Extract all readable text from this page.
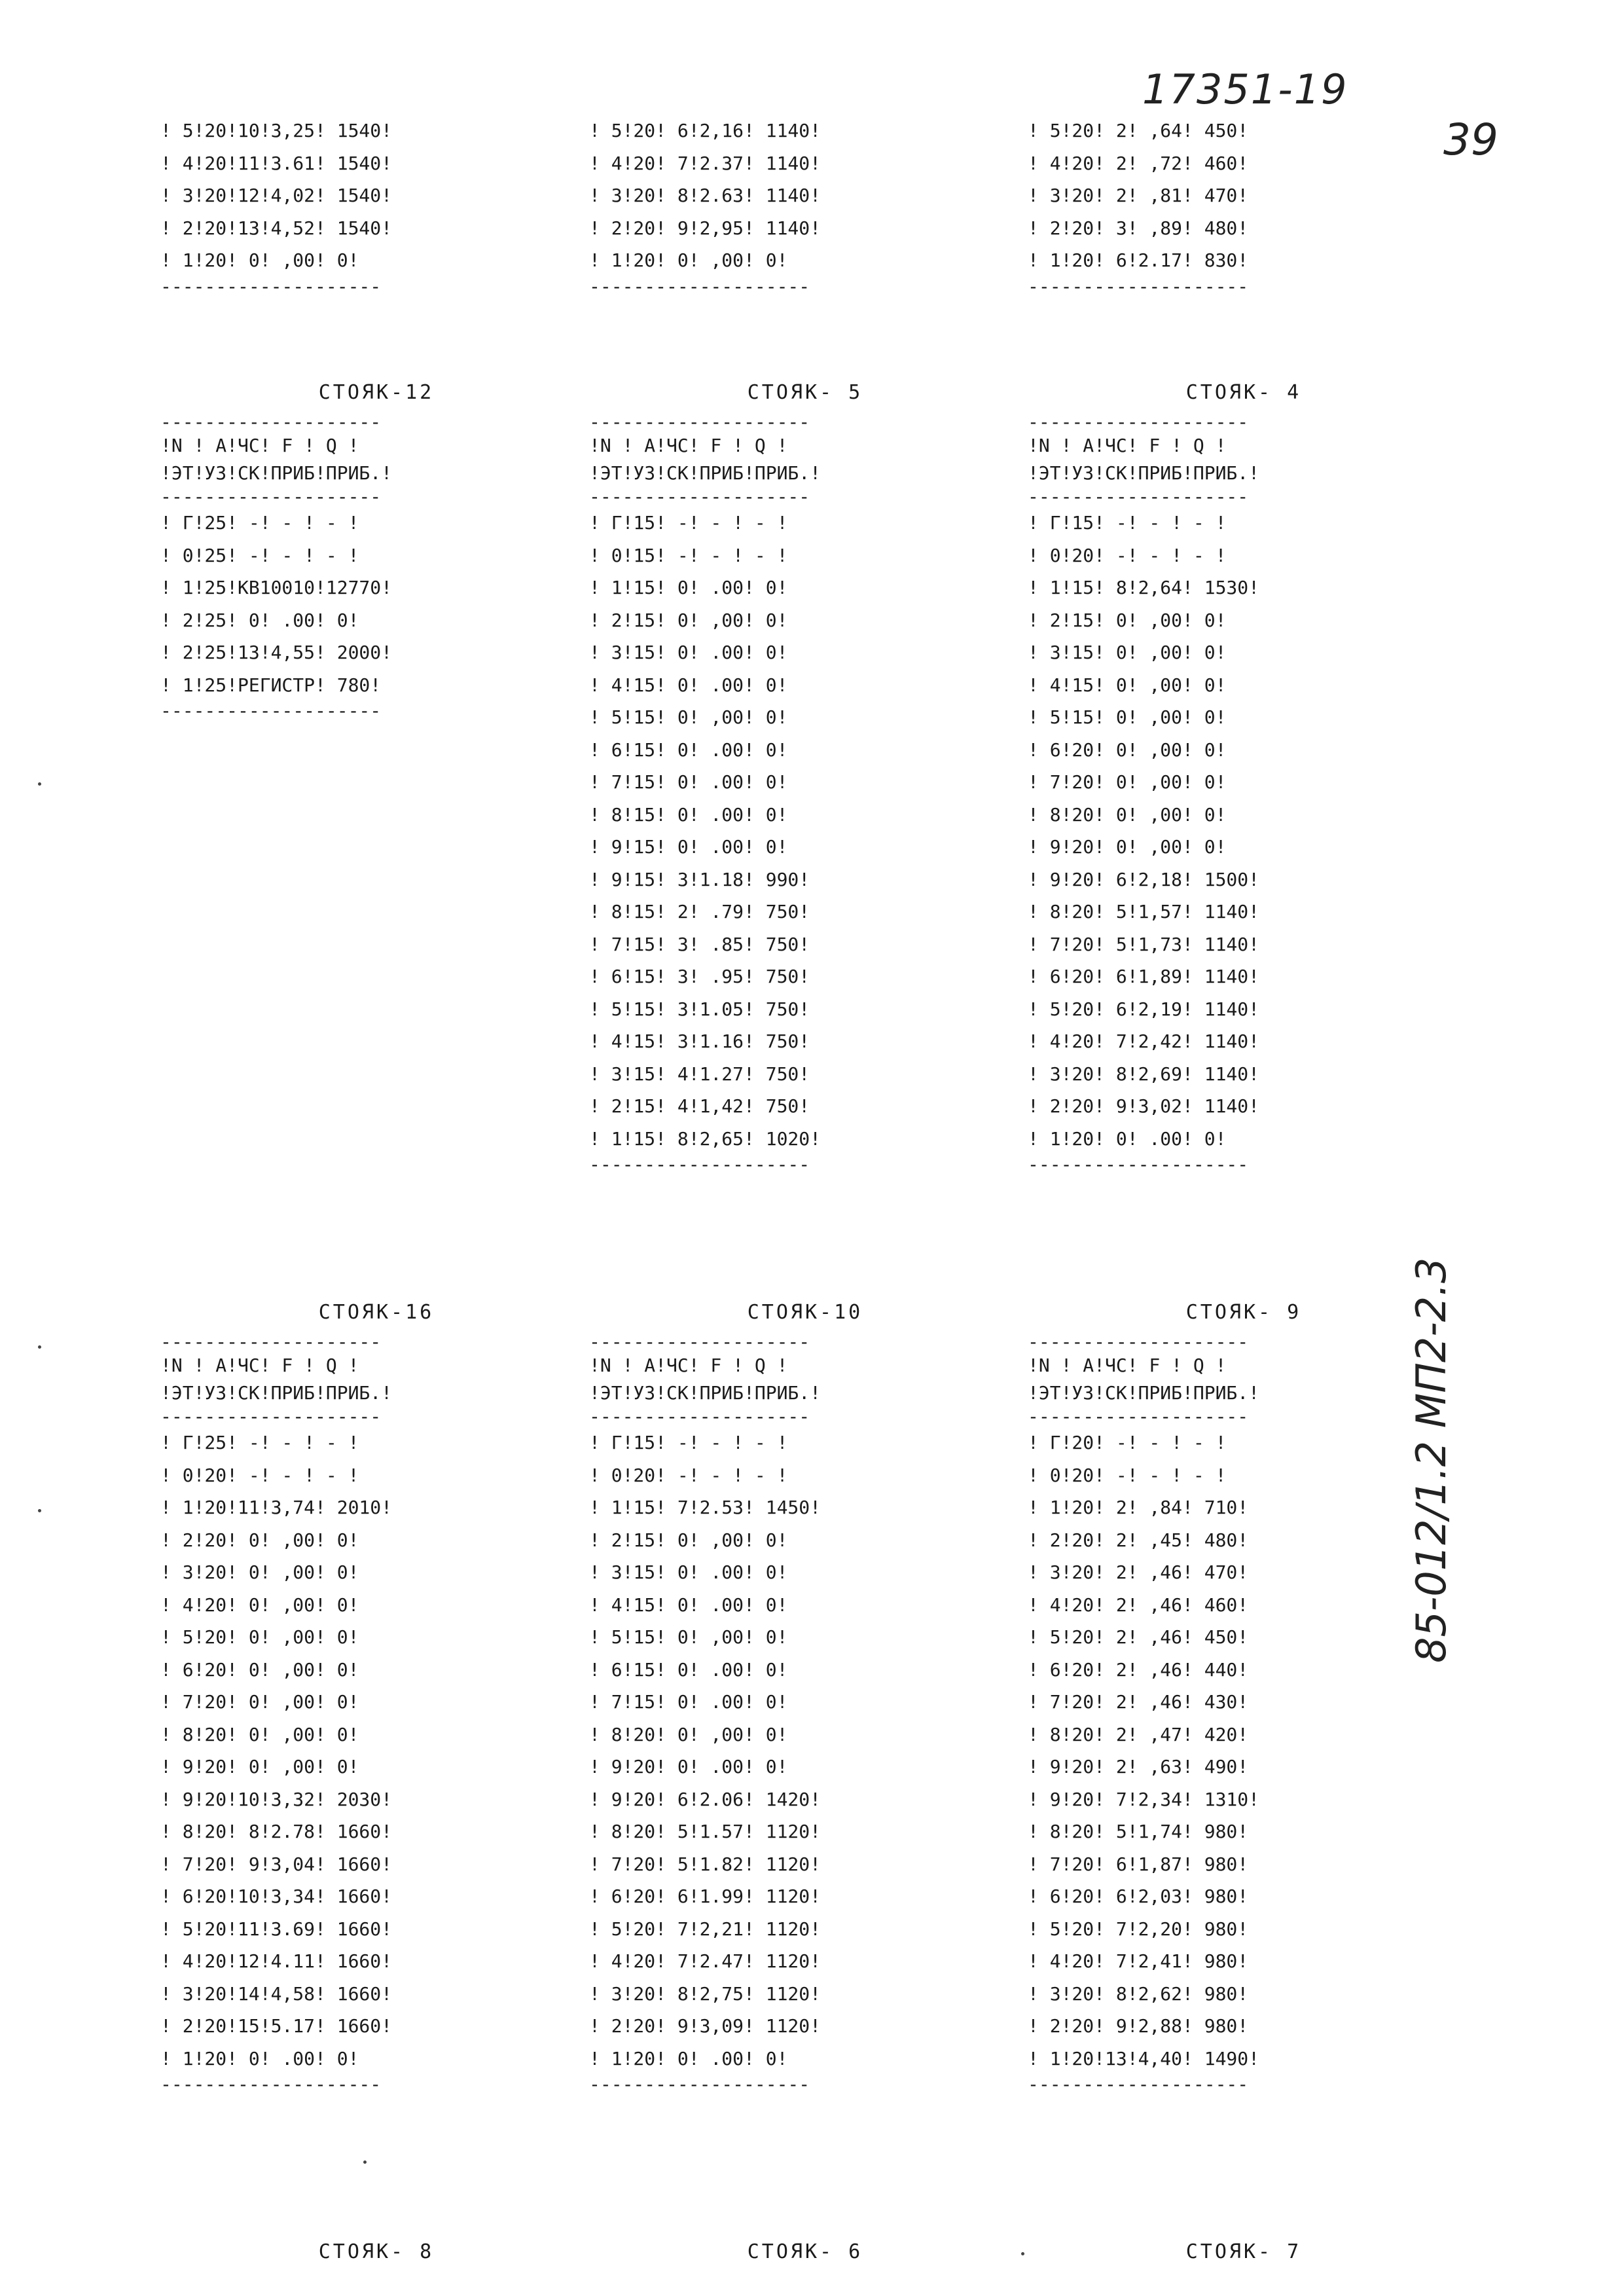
17351-19
39
85-012/1.2 МП2-2.3
! 5!20!10!3,25! 1540!
! 4!20!11!3.61! 1540!
! 3!20!12!4,02! 1540!
! 2!20!13!4,52! 1540!
! 1!20! 0! ,00! 0!
--------------------
! 5!20! 6!2,16! 1140!
! 4!20! 7!2.37! 1140!
! 3!20! 8!2.63! 1140!
! 2!20! 9!2,95! 1140!
! 1!20! 0! ,00! 0!
--------------------
! 5!20! 2! ,64! 450!
! 4!20! 2! ,72! 460!
! 3!20! 2! ,81! 470!
! 2!20! 3! ,89! 480!
! 1!20! 6!2.17! 830!
--------------------
СТОЯК-12
--------------------
!N ! А!ЧС! F ! Q !
!ЭТ!УЗ!СК!ПРИБ!ПРИБ.!
--------------------
! Г!25! -! - ! - !
! 0!25! -! - ! - !
! 1!25!КВ10010!12770!
! 2!25! 0! .00! 0!
! 2!25!13!4,55! 2000!
! 1!25!РЕГИСТР! 780!
--------------------
СТОЯК- 5
--------------------
!N ! А!ЧС! F ! Q !
!ЭТ!УЗ!СК!ПРИБ!ПРИБ.!
--------------------
! Г!15! -! - ! - !
! 0!15! -! - ! - !
! 1!15! 0! .00! 0!
! 2!15! 0! ,00! 0!
! 3!15! 0! .00! 0!
! 4!15! 0! .00! 0!
! 5!15! 0! ,00! 0!
! 6!15! 0! .00! 0!
! 7!15! 0! .00! 0!
! 8!15! 0! .00! 0!
! 9!15! 0! .00! 0!
! 9!15! 3!1.18! 990!
! 8!15! 2! .79! 750!
! 7!15! 3! .85! 750!
! 6!15! 3! .95! 750!
! 5!15! 3!1.05! 750!
! 4!15! 3!1.16! 750!
! 3!15! 4!1.27! 750!
! 2!15! 4!1,42! 750!
! 1!15! 8!2,65! 1020!
--------------------
СТОЯК- 4
--------------------
!N ! А!ЧС! F ! Q !
!ЭТ!УЗ!СК!ПРИБ!ПРИБ.!
--------------------
! Г!15! -! - ! - !
! 0!20! -! - ! - !
! 1!15! 8!2,64! 1530!
! 2!15! 0! ,00! 0!
! 3!15! 0! ,00! 0!
! 4!15! 0! ,00! 0!
! 5!15! 0! ,00! 0!
! 6!20! 0! ,00! 0!
! 7!20! 0! ,00! 0!
! 8!20! 0! ,00! 0!
! 9!20! 0! ,00! 0!
! 9!20! 6!2,18! 1500!
! 8!20! 5!1,57! 1140!
! 7!20! 5!1,73! 1140!
! 6!20! 6!1,89! 1140!
! 5!20! 6!2,19! 1140!
! 4!20! 7!2,42! 1140!
! 3!20! 8!2,69! 1140!
! 2!20! 9!3,02! 1140!
! 1!20! 0! .00! 0!
--------------------
СТОЯК-16
--------------------
!N ! А!ЧС! F ! Q !
!ЭТ!УЗ!СК!ПРИБ!ПРИБ.!
--------------------
! Г!25! -! - ! - !
! 0!20! -! - ! - !
! 1!20!11!3,74! 2010!
! 2!20! 0! ,00! 0!
! 3!20! 0! ,00! 0!
! 4!20! 0! ,00! 0!
! 5!20! 0! ,00! 0!
! 6!20! 0! ,00! 0!
! 7!20! 0! ,00! 0!
! 8!20! 0! ,00! 0!
! 9!20! 0! ,00! 0!
! 9!20!10!3,32! 2030!
! 8!20! 8!2.78! 1660!
! 7!20! 9!3,04! 1660!
! 6!20!10!3,34! 1660!
! 5!20!11!3.69! 1660!
! 4!20!12!4.11! 1660!
! 3!20!14!4,58! 1660!
! 2!20!15!5.17! 1660!
! 1!20! 0! .00! 0!
--------------------
СТОЯК-10
--------------------
!N ! А!ЧС! F ! Q !
!ЭТ!УЗ!СК!ПРИБ!ПРИБ.!
--------------------
! Г!15! -! - ! - !
! 0!20! -! - ! - !
! 1!15! 7!2.53! 1450!
! 2!15! 0! ,00! 0!
! 3!15! 0! .00! 0!
! 4!15! 0! .00! 0!
! 5!15! 0! ,00! 0!
! 6!15! 0! .00! 0!
! 7!15! 0! .00! 0!
! 8!20! 0! ,00! 0!
! 9!20! 0! .00! 0!
! 9!20! 6!2.06! 1420!
! 8!20! 5!1.57! 1120!
! 7!20! 5!1.82! 1120!
! 6!20! 6!1.99! 1120!
! 5!20! 7!2,21! 1120!
! 4!20! 7!2.47! 1120!
! 3!20! 8!2,75! 1120!
! 2!20! 9!3,09! 1120!
! 1!20! 0! .00! 0!
--------------------
СТОЯК- 9
--------------------
!N ! А!ЧС! F ! Q !
!ЭТ!УЗ!СК!ПРИБ!ПРИБ.!
--------------------
! Г!20! -! - ! - !
! 0!20! -! - ! - !
! 1!20! 2! ,84! 710!
! 2!20! 2! ,45! 480!
! 3!20! 2! ,46! 470!
! 4!20! 2! ,46! 460!
! 5!20! 2! ,46! 450!
! 6!20! 2! ,46! 440!
! 7!20! 2! ,46! 430!
! 8!20! 2! ,47! 420!
! 9!20! 2! ,63! 490!
! 9!20! 7!2,34! 1310!
! 8!20! 5!1,74! 980!
! 7!20! 6!1,87! 980!
! 6!20! 6!2,03! 980!
! 5!20! 7!2,20! 980!
! 4!20! 7!2,41! 980!
! 3!20! 8!2,62! 980!
! 2!20! 9!2,88! 980!
! 1!20!13!4,40! 1490!
--------------------
СТОЯК- 8	СТОЯК- 6	СТОЯК- 7
